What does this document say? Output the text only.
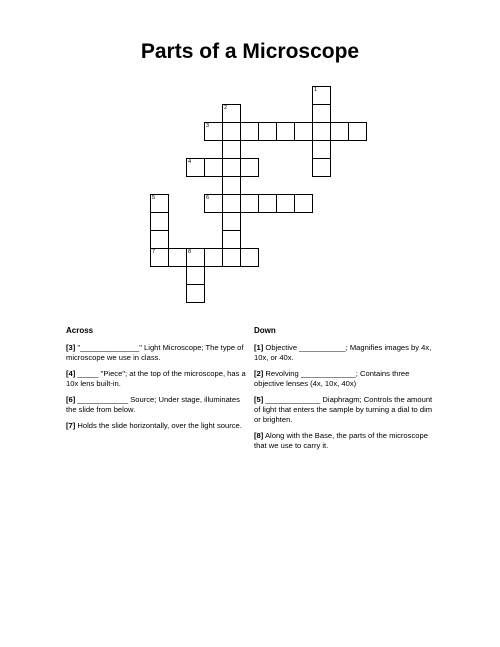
Parts of a Microscope
1
2
3
4
6
5
7	8
Across	Down
[3] "______________" Light Microscope; The type of microscope we use in class.
[4] _____ "Piece"; at the top of the microscope, has a 10x lens built-in.
[6] ____________ Source; Under stage, illuminates the slide from below.
[7] Holds the slide horizontally, over the light source.
[1] Objective ___________; Magnifies images by 4x, 10x, or 40x.
[2] Revolving _____________; Contains three objective lenses (4x, 10x, 40x)
[5] _____________ Diaphragm; Controls the amount of light that enters the sample by turning a dial to dim or brighten.
[8] Along with the Base, the parts of the microscope that we use to carry it.
